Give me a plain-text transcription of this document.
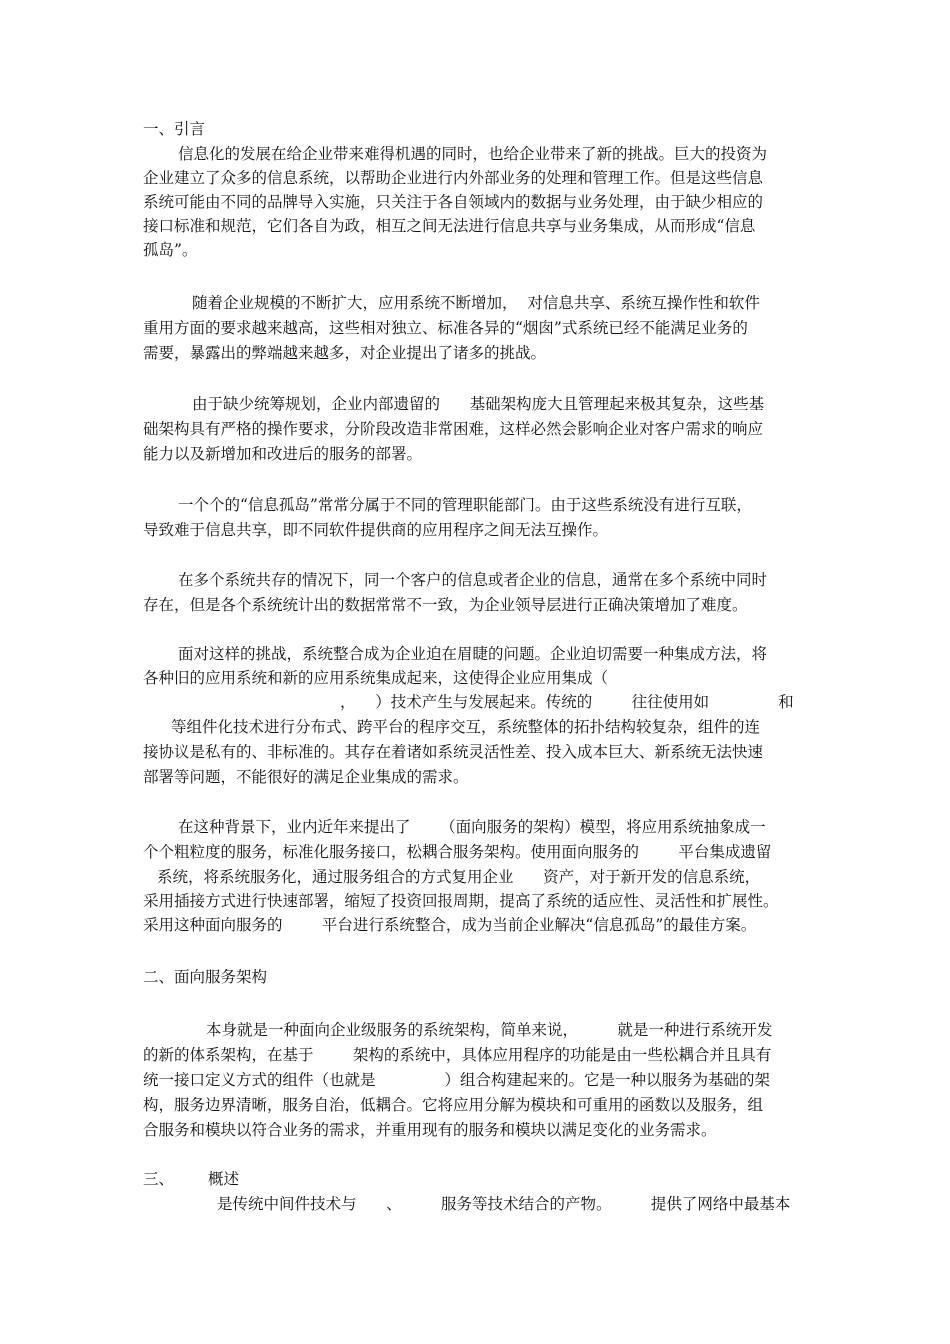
一、引言
信息化的发展在给企业带来难得机遇的同时，也给企业带来了新的挑战。巨大的投资为
企业建立了众多的信息系统，以帮助企业进行内外部业务的处理和管理工作。但是这些信息
系统可能由不同的品牌导入实施，只关注于各自领域内的数据与业务处理，由于缺少相应的
接口标准和规范，它们各自为政，相互之间无法进行信息共享与业务集成，从而形成“信息
孤岛”。
随着企业规模的不断扩大，应用系统不断增加，  对信息共享、系统互操作性和软件
重用方面的要求越来越高，这些相对独立、标准各异的“烟囱”式系统已经不能满足业务的
需要，暴露出的弊端越来越多，对企业提出了诸多的挑战。
由于缺少统筹规划，企业内部遗留的      基础架构庞大且管理起来极其复杂，这些基
础架构具有严格的操作要求，分阶段改造非常困难，这样必然会影响企业对客户需求的响应
能力以及新增加和改进后的服务的部署。
一个个的“信息孤岛”常常分属于不同的管理职能部门。由于这些系统没有进行互联，
导致难于信息共享，即不同软件提供商的应用程序之间无法互操作。
在多个系统共存的情况下，同一个客户的信息或者企业的信息，通常在多个系统中同时
存在，但是各个系统统计出的数据常常不一致，为企业领导层进行正确决策增加了难度。
面对这样的挑战，系统整合成为企业迫在眉睫的问题。企业迫切需要一种集成方法，将
各种旧的应用系统和新的应用系统集成起来，这使得企业应用集成（
，    ）技术产生与发展起来。传统的        往往使用如              和
等组件化技术进行分布式、跨平台的程序交互，系统整体的拓扑结构较复杂，组件的连
接协议是私有的、非标准的。其存在着诸如系统灵活性差、投入成本巨大、新系统无法快速
部署等问题，不能很好的满足企业集成的需求。
在这种背景下，业内近年来提出了      （面向服务的架构）模型，将应用系统抽象成一
个个粗粒度的服务，标准化服务接口，松耦合服务架构。使用面向服务的        平台集成遗留
系统，将系统服务化，通过服务组合的方式复用企业      资产，对于新开发的信息系统，
采用插接方式进行快速部署，缩短了投资回报周期，提高了系统的适应性、灵活性和扩展性。
采用这种面向服务的        平台进行系统整合，成为当前企业解决“信息孤岛”的最佳方案。
二、面向服务架构
本身就是一种面向企业级服务的系统架构，简单来说，        就是一种进行系统开发
的新的体系架构，在基于        架构的系统中，具体应用程序的功能是由一些松耦合并且具有
统一接口定义方式的组件（也就是              ）组合构建起来的。它是一种以服务为基础的架
构，服务边界清晰，服务自治，低耦合。它将应用分解为模块和可重用的函数以及服务，组
合服务和模块以符合业务的需求，并重用现有的服务和模块以满足变化的业务需求。
三、 概述
是传统中间件技术与      、        服务等技术结合的产物。        提供了网络中最基本
